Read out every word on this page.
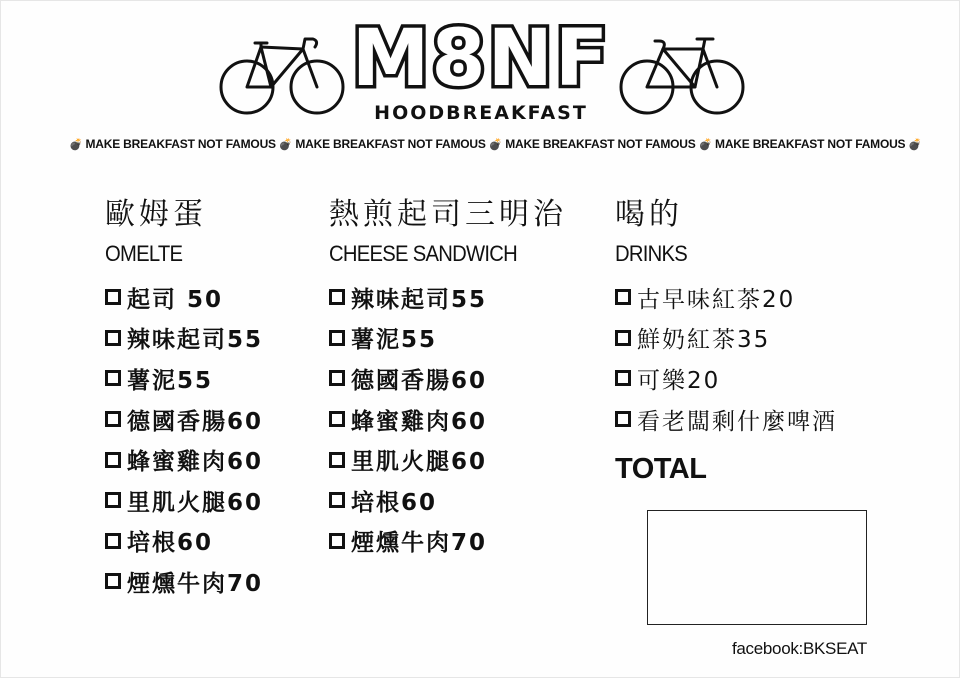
M8NF
HOODBREAKFAST
💣 MAKE BREAKFAST NOT FAMOUS 💣 MAKE BREAKFAST NOT FAMOUS 💣 MAKE BREAKFAST NOT FAMOUS 💣 MAKE BREAKFAST NOT FAMOUS 💣
歐姆蛋
OMELTE
起司 50
辣味起司55
薯泥55
德國香腸60
蜂蜜雞肉60
里肌火腿60
培根60
煙燻牛肉70
熱煎起司三明治
CHEESE SANDWICH
辣味起司55
薯泥55
德國香腸60
蜂蜜雞肉60
里肌火腿60
培根60
煙燻牛肉70
喝的
DRINKS
古早味紅茶20
鮮奶紅茶35
可樂20
看老闆剩什麼啤酒
TOTAL
facebook:BKSEAT
